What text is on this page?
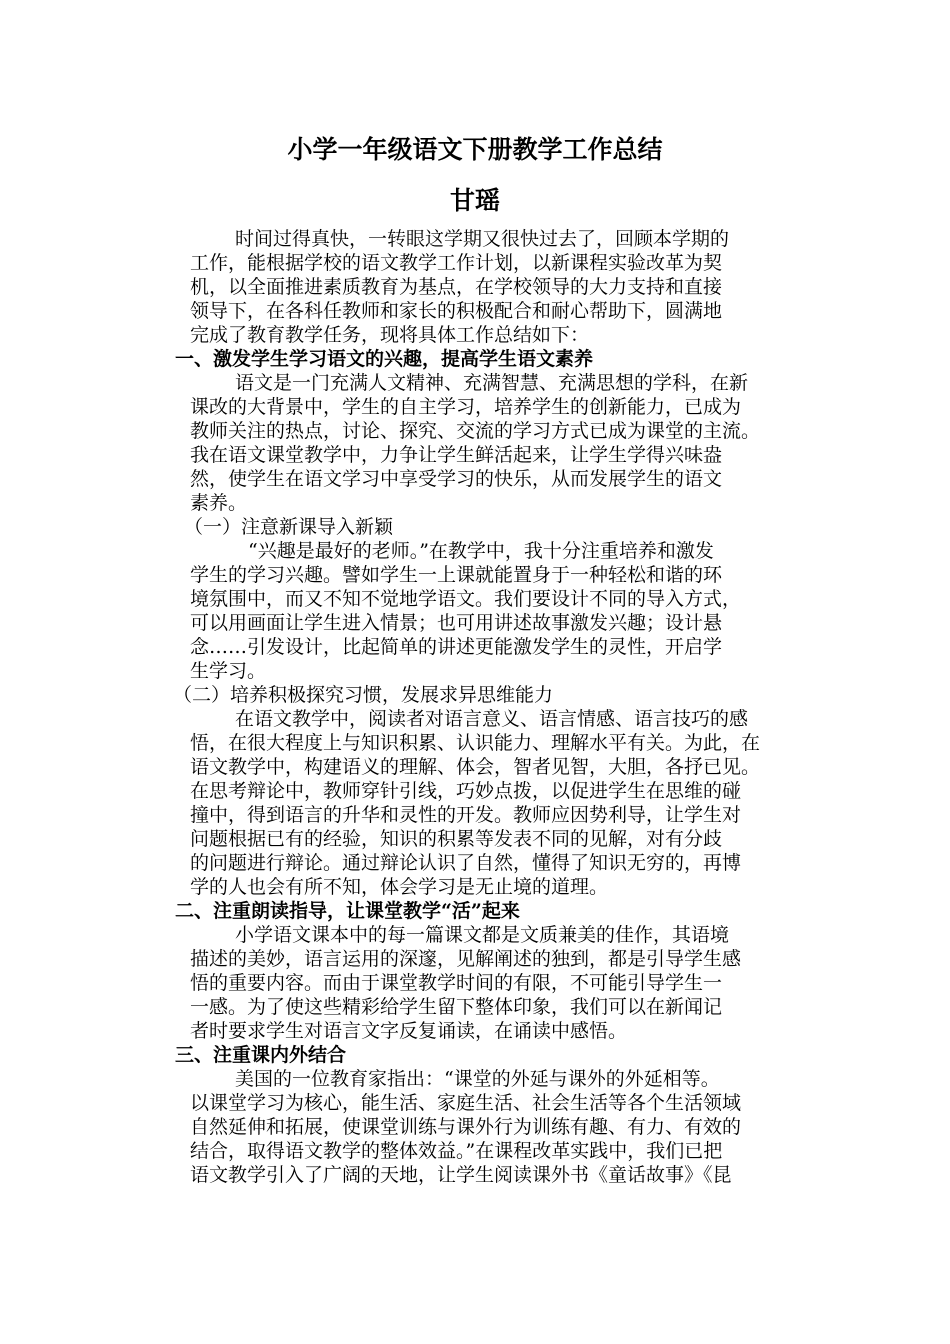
小学一年级语文下册教学工作总结
甘瑶
时间过得真快，一转眼这学期又很快过去了，回顾本学期的
工作，能根据学校的语文教学工作计划，以新课程实验改革为契
机，以全面推进素质教育为基点，在学校领导的大力支持和直接
领导下，在各科任教师和家长的积极配合和耐心帮助下，圆满地
完成了教育教学任务，现将具体工作总结如下：
一、激发学生学习语文的兴趣，提高学生语文素养
语文是一门充满人文精神、充满智慧、充满思想的学科，在新
课改的大背景中，学生的自主学习，培养学生的创新能力，已成为
教师关注的热点，讨论、探究、交流的学习方式已成为课堂的主流。
我在语文课堂教学中，力争让学生鲜活起来，让学生学得兴味盎
然，使学生在语文学习中享受学习的快乐，从而发展学生的语文
素养。
（一）注意新课导入新颖
“兴趣是最好的老师。”在教学中，我十分注重培养和激发
学生的学习兴趣。譬如学生一上课就能置身于一种轻松和谐的环
境氛围中，而又不知不觉地学语文。我们要设计不同的导入方式，
可以用画面让学生进入情景；也可用讲述故事激发兴趣；设计悬
念……引发设计，比起简单的讲述更能激发学生的灵性，开启学
生学习。
（二）培养积极探究习惯，发展求异思维能力
在语文教学中，阅读者对语言意义、语言情感、语言技巧的感
悟，在很大程度上与知识积累、认识能力、理解水平有关。为此，在
语文教学中，构建语义的理解、体会，智者见智，大胆，各抒已见。
在思考辩论中，教师穿针引线，巧妙点拨，以促进学生在思维的碰
撞中，得到语言的升华和灵性的开发。教师应因势利导，让学生对
问题根据已有的经验，知识的积累等发表不同的见解，对有分歧
的问题进行辩论。通过辩论认识了自然，懂得了知识无穷的，再博
学的人也会有所不知，体会学习是无止境的道理。
二、注重朗读指导，让课堂教学“活”起来
小学语文课本中的每一篇课文都是文质兼美的佳作，其语境
描述的美妙，语言运用的深邃，见解阐述的独到，都是引导学生感
悟的重要内容。而由于课堂教学时间的有限，不可能引导学生一
一感。为了使这些精彩给学生留下整体印象，我们可以在新闻记
者时要求学生对语言文字反复诵读，在诵读中感悟。
三、注重课内外结合
美国的一位教育家指出：“课堂的外延与课外的外延相等。
以课堂学习为核心，能生活、家庭生活、社会生活等各个生活领域
自然延伸和拓展，使课堂训练与课外行为训练有趣、有力、有效的
结合，取得语文教学的整体效益。”在课程改革实践中，我们已把
语文教学引入了广阔的天地，让学生阅读课外书《童话故事》《昆
